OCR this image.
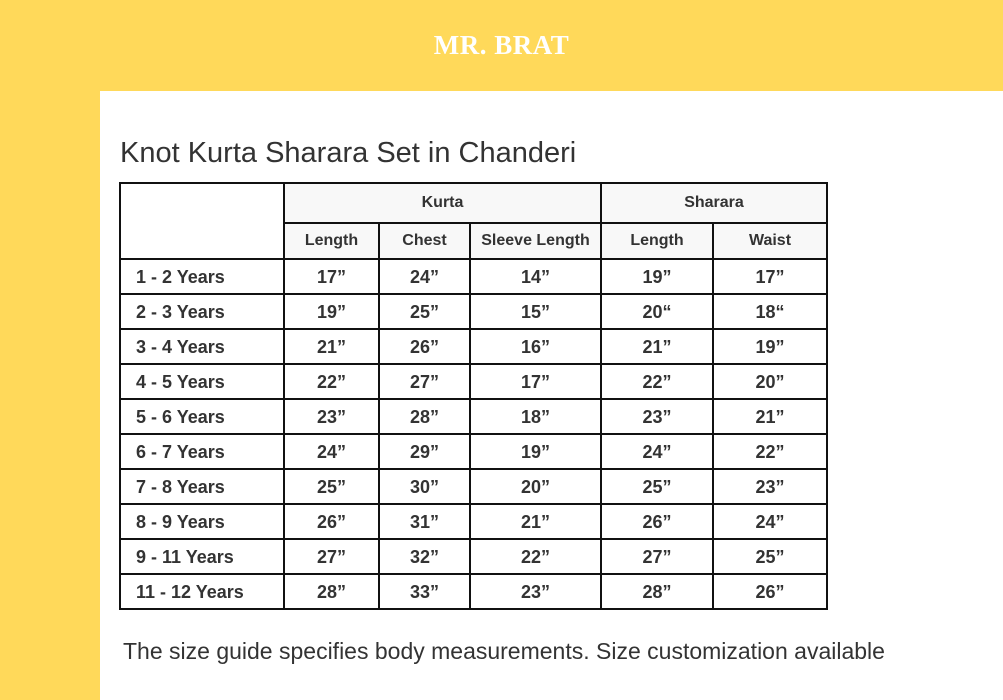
MR. BRAT
Knot Kurta Sharara Set in Chanderi
	Kurta			Sharara	
	Length	Chest	Sleeve Length	Length	Waist
1 - 2 Years	17”	24”	14”	19”	17”
2 - 3 Years	19”	25”	15”	20“	18“
3 - 4 Years	21”	26”	16”	21”	19”
4 - 5 Years	22”	27”	17”	22”	20”
5 - 6 Years	23”	28”	18”	23”	21”
6 - 7 Years	24”	29”	19”	24”	22”
7 - 8 Years	25”	30”	20”	25”	23”
8 - 9 Years	26”	31”	21”	26”	24”
9 - 11 Years	27”	32”	22”	27”	25”
11 - 12 Years	28”	33”	23”	28”	26”
The size guide specifies body measurements. Size customization available
